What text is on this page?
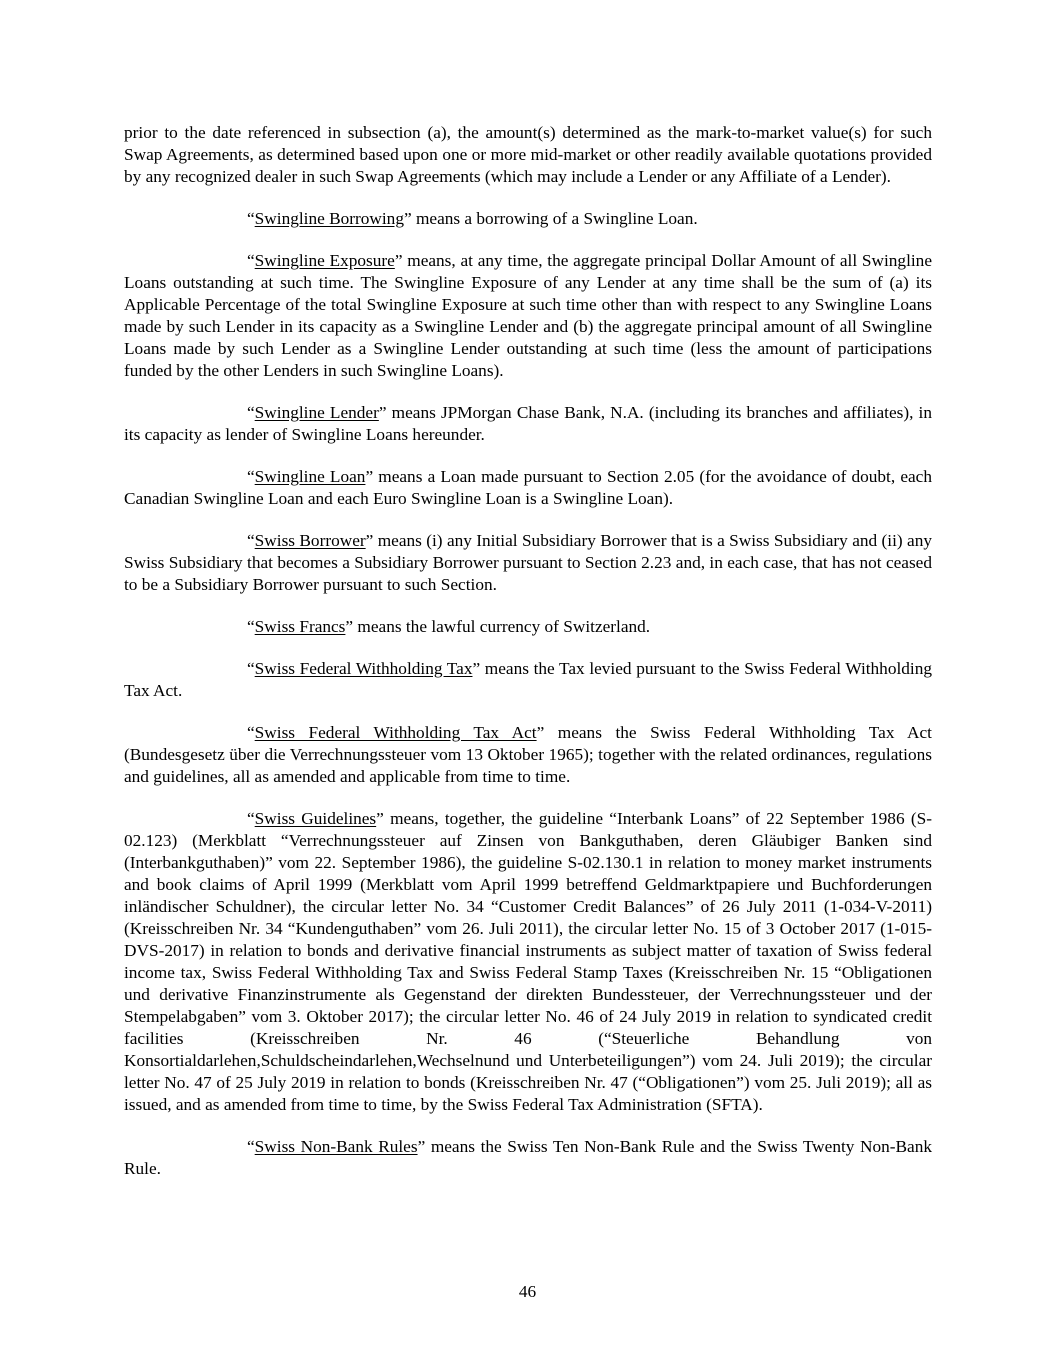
prior to the date referenced in subsection (a), the amount(s) determined as the mark-to-market value(s) for such Swap Agreements, as determined based upon one or more mid-market or other readily available quotations provided by any recognized dealer in such Swap Agreements (which may include a Lender or any Affiliate of a Lender).

“Swingline Borrowing” means a borrowing of a Swingline Loan.

“Swingline Exposure” means, at any time, the aggregate principal Dollar Amount of all Swingline Loans outstanding at such time. The Swingline Exposure of any Lender at any time shall be the sum of (a) its Applicable Percentage of the total Swingline Exposure at such time other than with respect to any Swingline Loans made by such Lender in its capacity as a Swingline Lender and (b) the aggregate principal amount of all Swingline Loans made by such Lender as a Swingline Lender outstanding at such time (less the amount of participations funded by the other Lenders in such Swingline Loans).

“Swingline Lender” means JPMorgan Chase Bank, N.A. (including its branches and affiliates), in its capacity as lender of Swingline Loans hereunder.

“Swingline Loan” means a Loan made pursuant to Section 2.05 (for the avoidance of doubt, each Canadian Swingline Loan and each Euro Swingline Loan is a Swingline Loan).

“Swiss Borrower” means (i) any Initial Subsidiary Borrower that is a Swiss Subsidiary and (ii) any Swiss Subsidiary that becomes a Subsidiary Borrower pursuant to Section 2.23 and, in each case, that has not ceased to be a Subsidiary Borrower pursuant to such Section.

“Swiss Francs” means the lawful currency of Switzerland.

“Swiss Federal Withholding Tax” means the Tax levied pursuant to the Swiss Federal Withholding Tax Act.

“Swiss Federal Withholding Tax Act” means the Swiss Federal Withholding Tax Act (Bundesgesetz über die Verrechnungssteuer vom 13 Oktober 1965); together with the related ordinances, regulations and guidelines, all as amended and applicable from time to time.

“Swiss Guidelines” means, together, the guideline “Interbank Loans” of 22 September 1986 (S- 02.123) (Merkblatt “Verrechnungssteuer auf Zinsen von Bankguthaben, deren Gläubiger Banken sind (Interbankguthaben)” vom 22. September 1986), the guideline S-02.130.1 in relation to money market instruments and book claims of April 1999 (Merkblatt vom April 1999 betreffend Geldmarktpapiere und Buchforderungen inländischer Schuldner), the circular letter No. 34 “Customer Credit Balances” of 26 July 2011 (1-034-V-2011) (Kreisschreiben Nr. 34 “Kundenguthaben” vom 26. Juli 2011), the circular letter No. 15 of 3 October 2017 (1-015-DVS-2017) in relation to bonds and derivative financial instruments as subject matter of taxation of Swiss federal income tax, Swiss Federal Withholding Tax and Swiss Federal Stamp Taxes (Kreisschreiben Nr. 15 “Obligationen und derivative Finanzinstrumente als Gegenstand der direkten Bundessteuer, der Verrechnungssteuer und der Stempelabgaben” vom 3. Oktober 2017); the circular letter No. 46 of 24 July 2019 in relation to syndicated credit facilities (Kreisschreiben Nr. 46 (“Steuerliche Behandlung von Konsortialdarlehen,Schuldscheindarlehen,Wechselnund und Unterbeteiligungen”) vom 24. Juli 2019); the circular letter No. 47 of 25 July 2019 in relation to bonds (Kreisschreiben Nr. 47 (“Obligationen”) vom 25. Juli 2019); all as issued, and as amended from time to time, by the Swiss Federal Tax Administration (SFTA).

“Swiss Non-Bank Rules” means the Swiss Ten Non-Bank Rule and the Swiss Twenty Non-Bank Rule.

46
